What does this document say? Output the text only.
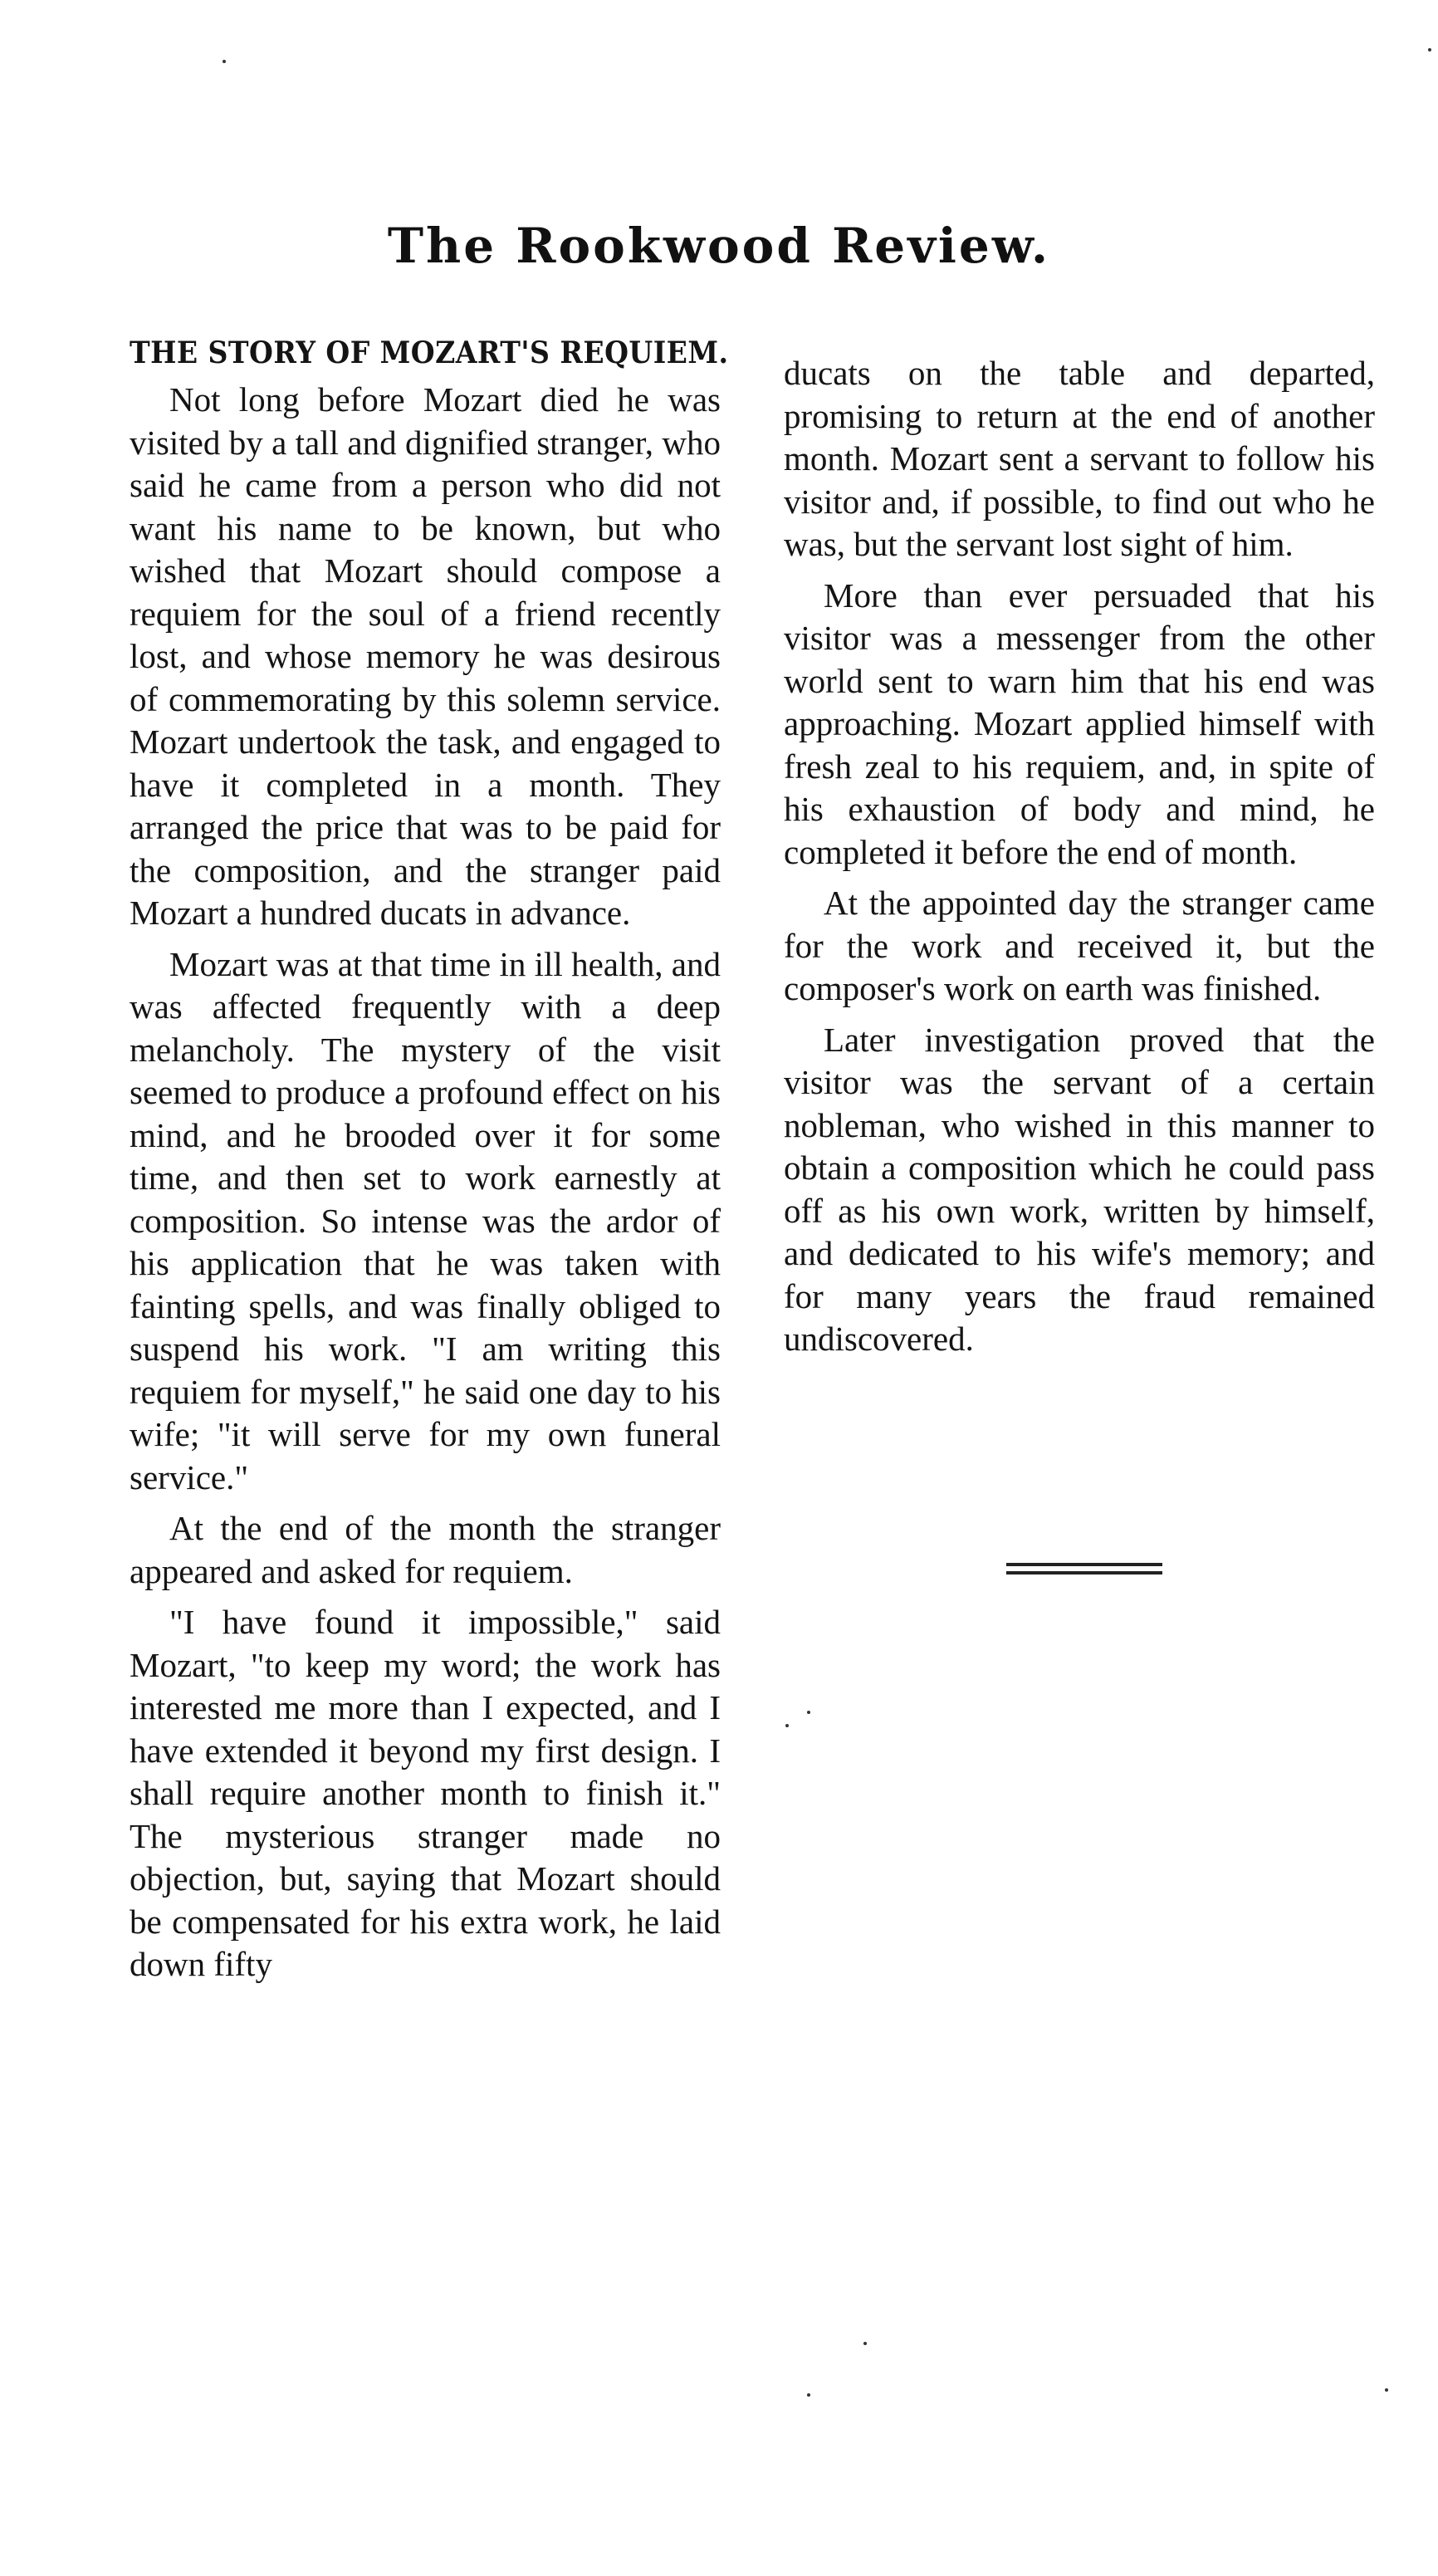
The Rookwood Review.
THE STORY OF MOZART'S REQUIEM.

Not long before Mozart died he was visited by a tall and dignified stranger, who said he came from a person who did not want his name to be known, but who wished that Mozart should compose a requiem for the soul of a friend recently lost, and whose memory he was desirous of commemorating by this solemn service. Mozart undertook the task, and engaged to have it completed in a month. They arranged the price that was to be paid for the composition, and the stranger paid Mozart a hundred ducats in advance.

Mozart was at that time in ill health, and was affected frequently with a deep melancholy. The mystery of the visit seemed to produce a profound effect on his mind, and he brooded over it for some time, and then set to work earnestly at composition. So intense was the ardor of his application that he was taken with fainting spells, and was finally obliged to suspend his work. "I am writing this requiem for myself," he said one day to his wife; "it will serve for my own funeral service."

At the end of the month the stranger appeared and asked for requiem.

"I have found it impossible," said Mozart, "to keep my word; the work has interested me more than I expected, and I have extended it beyond my first design. I shall require another month to finish it." The mysterious stranger made no objection, but, saying that Mozart should be compensated for his extra work, he laid down fifty

ducats on the table and departed, promising to return at the end of another month. Mozart sent a servant to follow his visitor and, if possible, to find out who he was, but the servant lost sight of him.

More than ever persuaded that his visitor was a messenger from the other world sent to warn him that his end was approaching. Mozart applied himself with fresh zeal to his requiem, and, in spite of his exhaustion of body and mind, he completed it before the end of month.

At the appointed day the stranger came for the work and received it, but the composer's work on earth was finished.

Later investigation proved that the visitor was the servant of a certain nobleman, who wished in this manner to obtain a composition which he could pass off as his own work, written by himself, and dedicated to his wife's memory; and for many years the fraud remained undiscovered.
